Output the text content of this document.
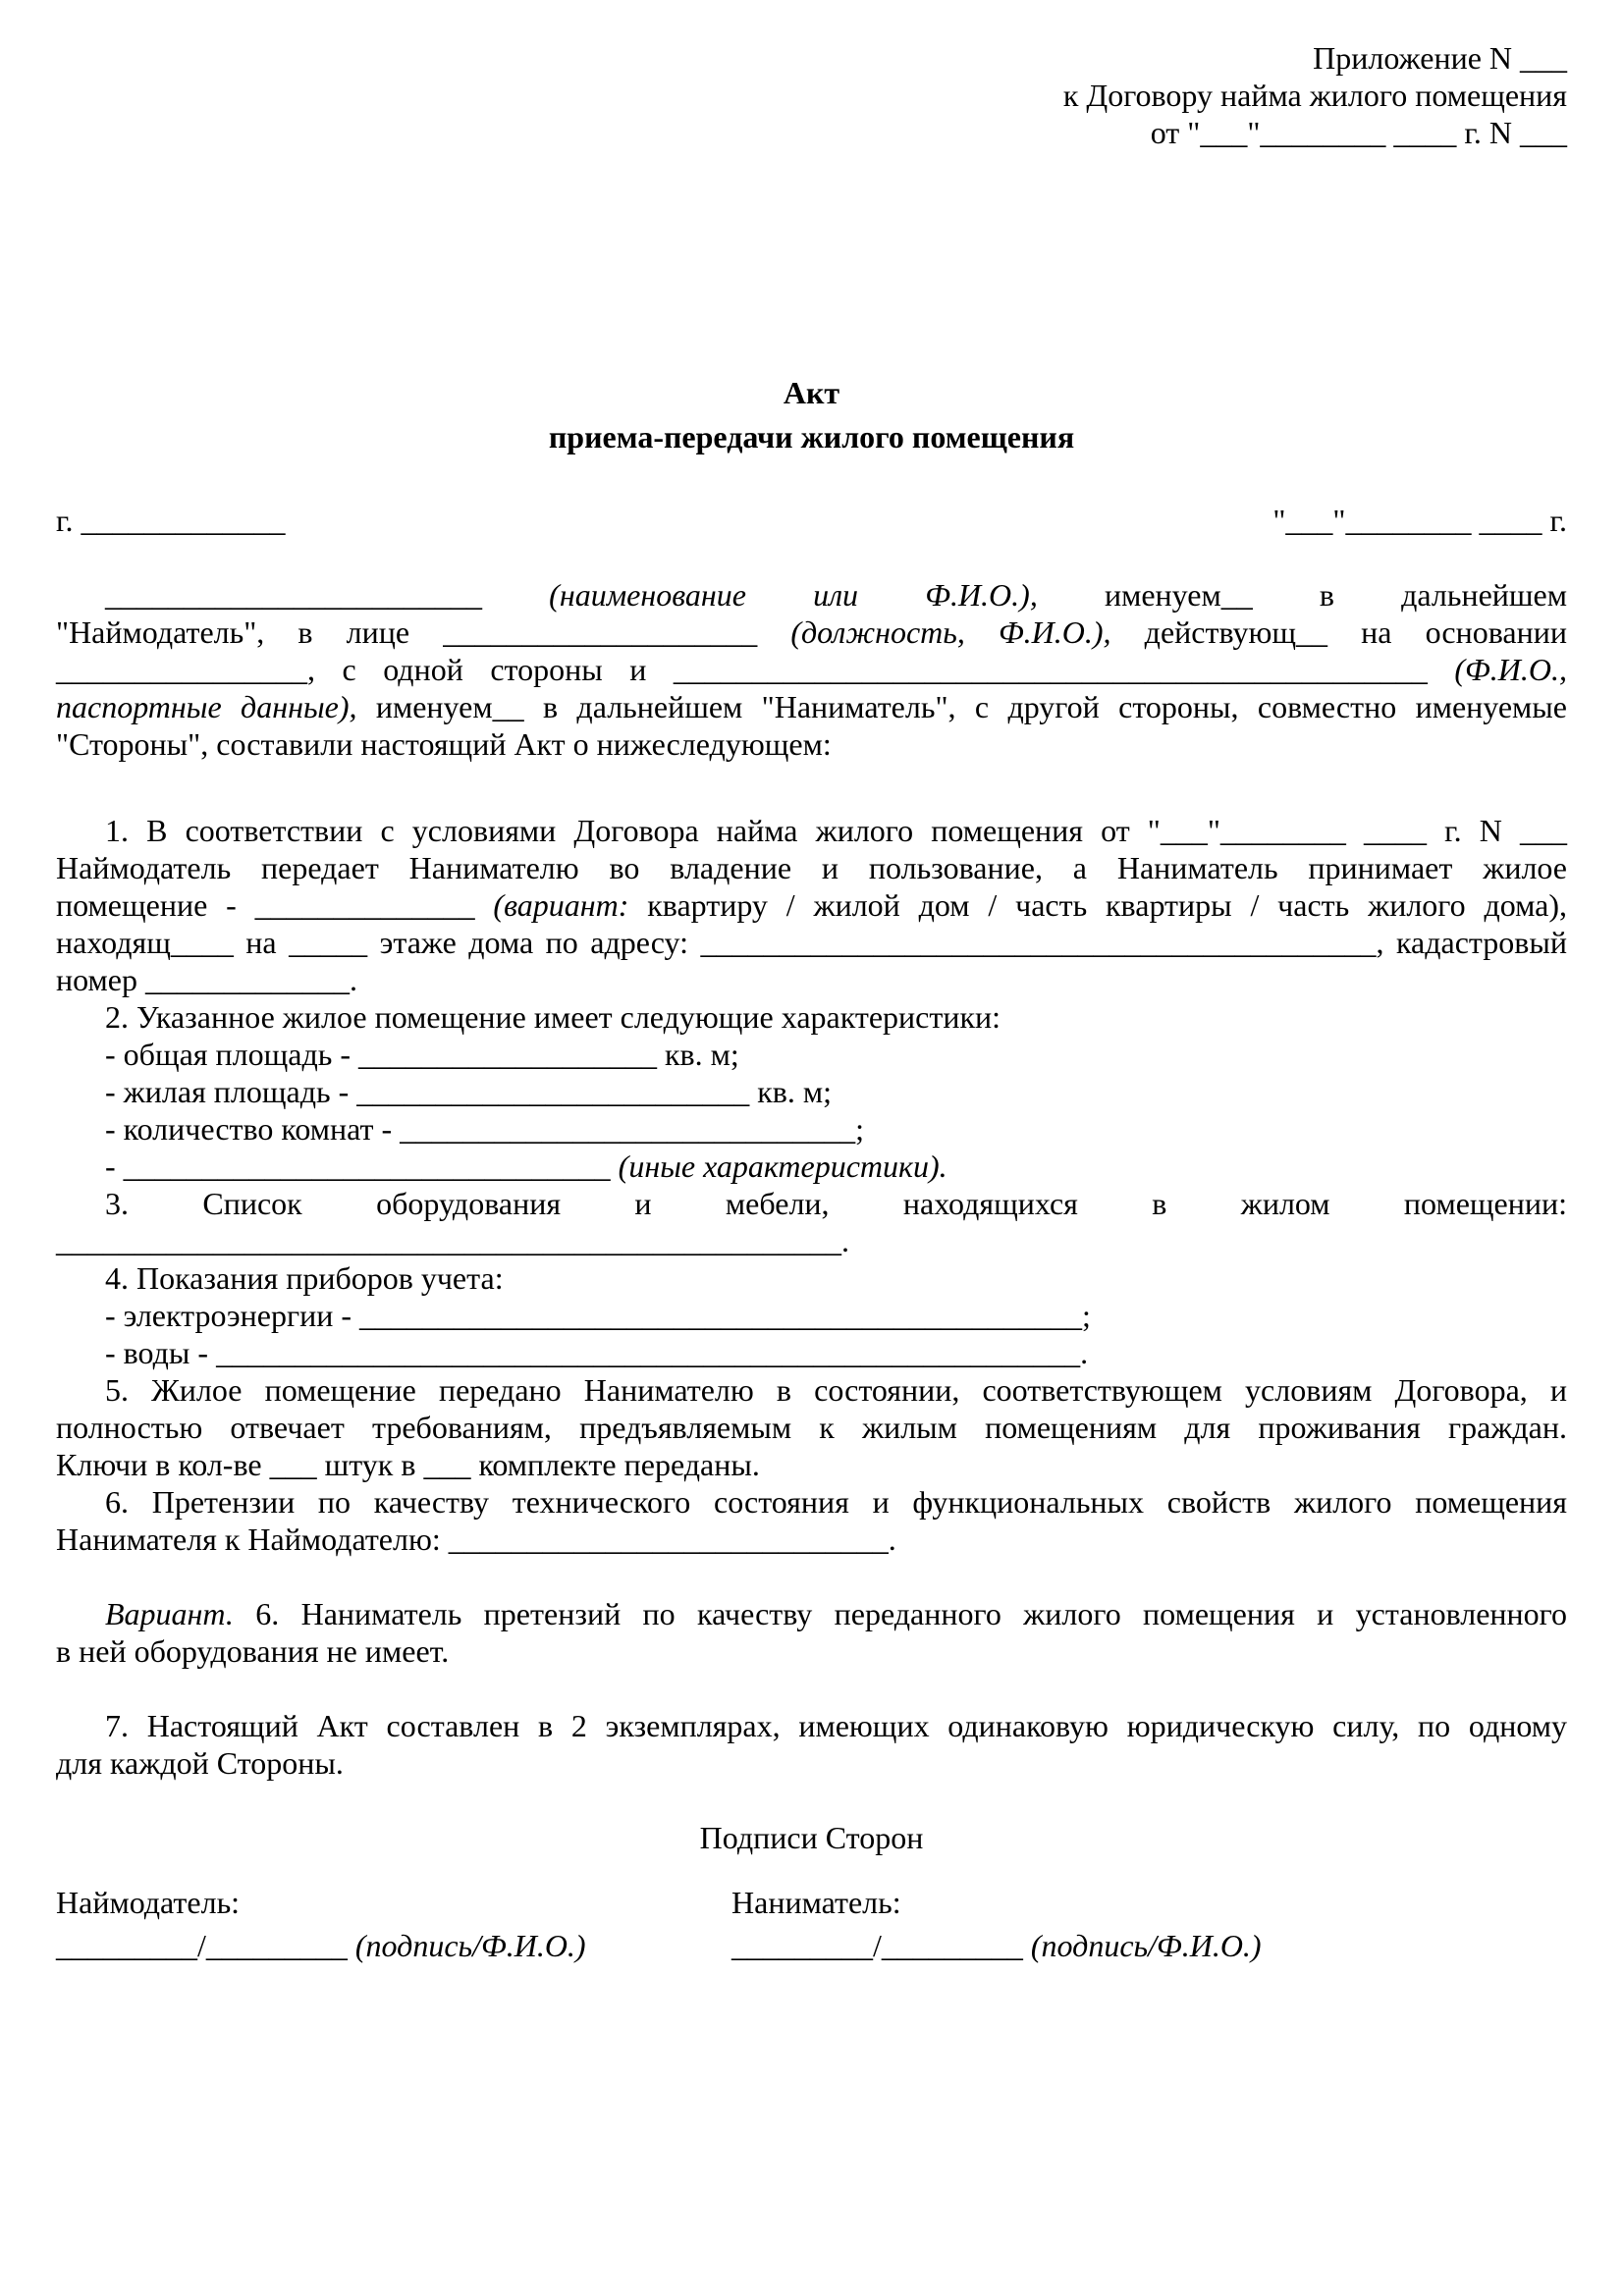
Приложение N ___
к Договору найма жилого помещения
от "___"________ ____ г. N ___
Акт
приема-передачи жилого помещения
г. _____________	"___"________ ____ г.
________________________ (наименование или Ф.И.О.), именуем__ в дальнейшем
"Наймодатель", в лице ____________________ (должность, Ф.И.О.), действующ__ на основании
________________, с одной стороны и ________________________________________________ (Ф.И.О.,
паспортные данные), именуем__ в дальнейшем "Наниматель", с другой стороны, совместно именуемые
"Стороны", составили настоящий Акт о нижеследующем:
1. В соответствии с условиями Договора найма жилого помещения от "___"________ ____ г. N ___
Наймодатель передает Нанимателю во владение и пользование, а Наниматель принимает жилое
помещение - ______________ (вариант: квартиру / жилой дом / часть квартиры / часть жилого дома),
находящ____ на _____ этаже дома по адресу: ___________________________________________, кадастровый
номер _____________.
2. Указанное жилое помещение имеет следующие характеристики:
- общая площадь - ___________________ кв. м;
- жилая площадь - _________________________ кв. м;
- количество комнат - _____________________________;
- _______________________________ (иные характеристики).
3. Список оборудования и мебели, находящихся в жилом помещении:
__________________________________________________.
4. Показания приборов учета:
- электроэнергии - ______________________________________________;
- воды - _______________________________________________________.
5. Жилое помещение передано Нанимателю в состоянии, соответствующем условиям Договора, и
полностью отвечает требованиям, предъявляемым к жилым помещениям для проживания граждан.
Ключи в кол-ве ___ штук в ___ комплекте переданы.
6. Претензии по качеству технического состояния и функциональных свойств жилого помещения
Нанимателя к Наймодателю: ____________________________.
Вариант. 6. Наниматель претензий по качеству переданного жилого помещения и установленного
в ней оборудования не имеет.
7. Настоящий Акт составлен в 2 экземплярах, имеющих одинаковую юридическую силу, по одному
для каждой Стороны.
Подписи Сторон
Наймодатель:
_________/_________ (подпись/Ф.И.О.)
Наниматель:
_________/_________ (подпись/Ф.И.О.)
